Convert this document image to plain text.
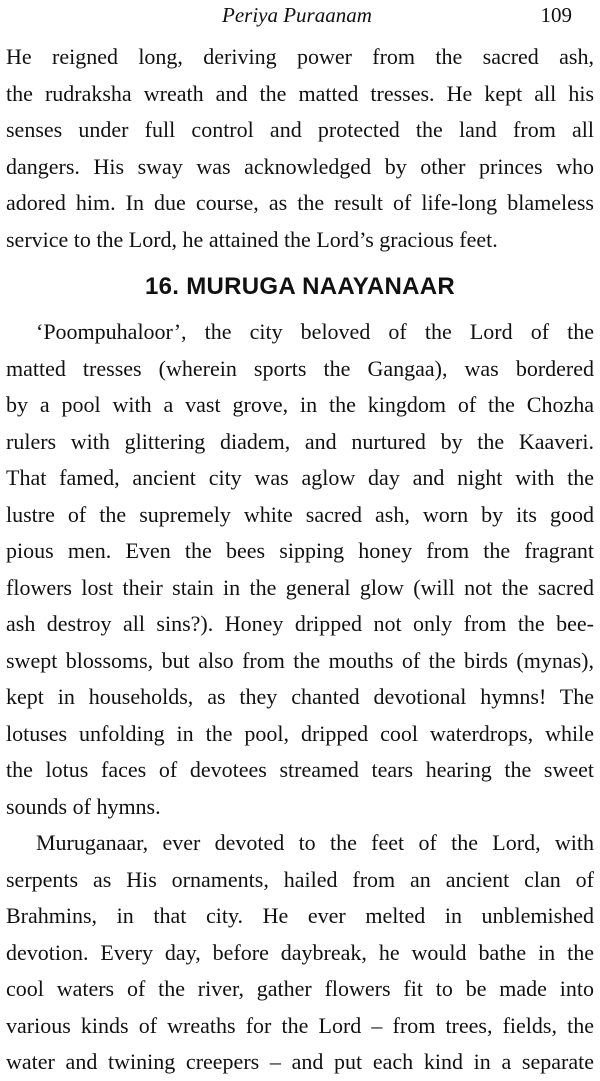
Periya Puraanam	109

He reigned long, deriving power from the sacred ash,
the rudraksha wreath and the matted tresses. He kept all his
senses under full control and protected the land from all
dangers. His sway was acknowledged by other princes who
adored him. In due course, as the result of life-long blameless
service to the Lord, he attained the Lord’s gracious feet.

16. MURUGA NAAYANAAR

‘Poompuhaloor’, the city beloved of the Lord of the
matted tresses (wherein sports the Gangaa), was bordered
by a pool with a vast grove, in the kingdom of the Chozha
rulers with glittering diadem, and nurtured by the Kaaveri.
That famed, ancient city was aglow day and night with the
lustre of the supremely white sacred ash, worn by its good
pious men. Even the bees sipping honey from the fragrant
flowers lost their stain in the general glow (will not the sacred
ash destroy all sins?). Honey dripped not only from the bee-
swept blossoms, but also from the mouths of the birds (mynas),
kept in households, as they chanted devotional hymns! The
lotuses unfolding in the pool, dripped cool waterdrops, while
the lotus faces of devotees streamed tears hearing the sweet
sounds of hymns.

Muruganaar, ever devoted to the feet of the Lord, with
serpents as His ornaments, hailed from an ancient clan of
Brahmins, in that city. He ever melted in unblemished
devotion. Every day, before daybreak, he would bathe in the
cool waters of the river, gather flowers fit to be made into
various kinds of wreaths for the Lord – from trees, fields, the
water and twining creepers – and put each kind in a separate
